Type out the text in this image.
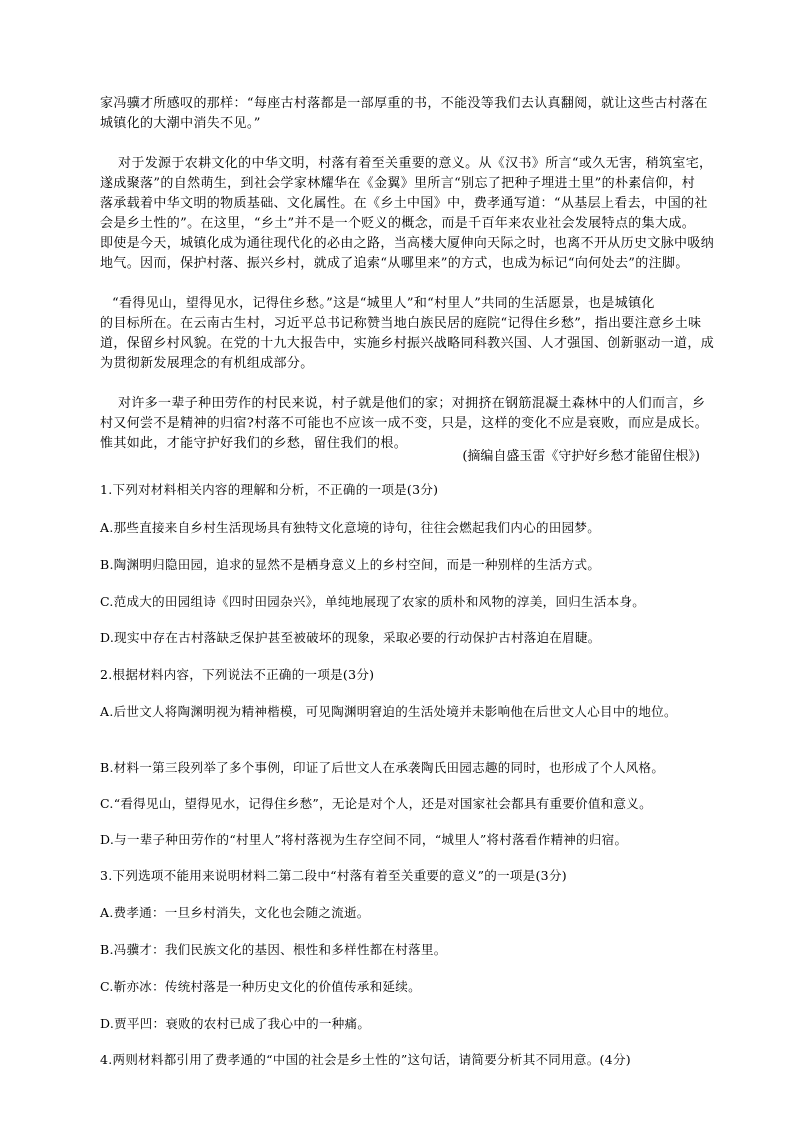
家冯骥才所感叹的那样：“每座古村落都是一部厚重的书，不能没等我们去认真翻阅，就让这些古村落在
城镇化的大潮中消失不见。”
对于发源于农耕文化的中华文明，村落有着至关重要的意义。从《汉书》所言“或久无害，稍筑室宅，
遂成聚落”的自然萌生，到社会学家林耀华在《金翼》里所言“别忘了把种子埋进土里”的朴素信仰，村
落承载着中华文明的物质基础、文化属性。在《乡土中国》中，费孝通写道：“从基层上看去，中国的社
会是乡土性的”。在这里，“乡土”并不是一个贬义的概念，而是千百年来农业社会发展特点的集大成。
即使是今天，城镇化成为通往现代化的必由之路，当高楼大厦伸向天际之时，也离不开从历史文脉中吸纳
地气。因而，保护村落、振兴乡村，就成了追索“从哪里来”的方式，也成为标记“向何处去”的注脚。
“看得见山，望得见水，记得住乡愁。”这是“城里人”和“村里人”共同的生活愿景，也是城镇化
的目标所在。在云南古生村，习近平总书记称赞当地白族民居的庭院“记得住乡愁”，指出要注意乡土味
道，保留乡村风貌。在党的十九大报告中，实施乡村振兴战略同科教兴国、人才强国、创新驱动一道，成
为贯彻新发展理念的有机组成部分。
对许多一辈子种田劳作的村民来说，村子就是他们的家；对拥挤在钢筋混凝土森林中的人们而言，乡
村又何尝不是精神的归宿?村落不可能也不应该一成不变，只是，这样的变化不应是衰败，而应是成长。
惟其如此，才能守护好我们的乡愁，留住我们的根。
(摘编自盛玉雷《守护好乡愁才能留住根》)
1.下列对材料相关内容的理解和分析，不正确的一项是(3分)
A.那些直接来自乡村生活现场具有独特文化意境的诗句，往往会燃起我们内心的田园梦。
B.陶渊明归隐田园，追求的显然不是栖身意义上的乡村空间，而是一种别样的生活方式。
C.范成大的田园组诗《四时田园杂兴》，单纯地展现了农家的质朴和风物的淳美，回归生活本身。
D.现实中存在古村落缺乏保护甚至被破坏的现象，采取必要的行动保护古村落迫在眉睫。
2.根据材料内容，下列说法不正确的一项是(3分)
A.后世文人将陶渊明视为精神楷模，可见陶渊明窘迫的生活处境并未影响他在后世文人心目中的地位。
B.材料一第三段列举了多个事例，印证了后世文人在承袭陶氏田园志趣的同时，也形成了个人风格。
C.“看得见山，望得见水，记得住乡愁”，无论是对个人，还是对国家社会都具有重要价值和意义。
D.与一辈子种田劳作的“村里人”将村落视为生存空间不同，“城里人”将村落看作精神的归宿。
3.下列选项不能用来说明材料二第二段中“村落有着至关重要的意义”的一项是(3分)
A.费孝通：一旦乡村消失，文化也会随之流逝。
B.冯骥才：我们民族文化的基因、根性和多样性都在村落里。
C.靳亦冰：传统村落是一种历史文化的价值传承和延续。
D.贾平凹：衰败的农村已成了我心中的一种痛。
4.两则材料都引用了费孝通的“中国的社会是乡土性的”这句话，请简要分析其不同用意。(4分)
